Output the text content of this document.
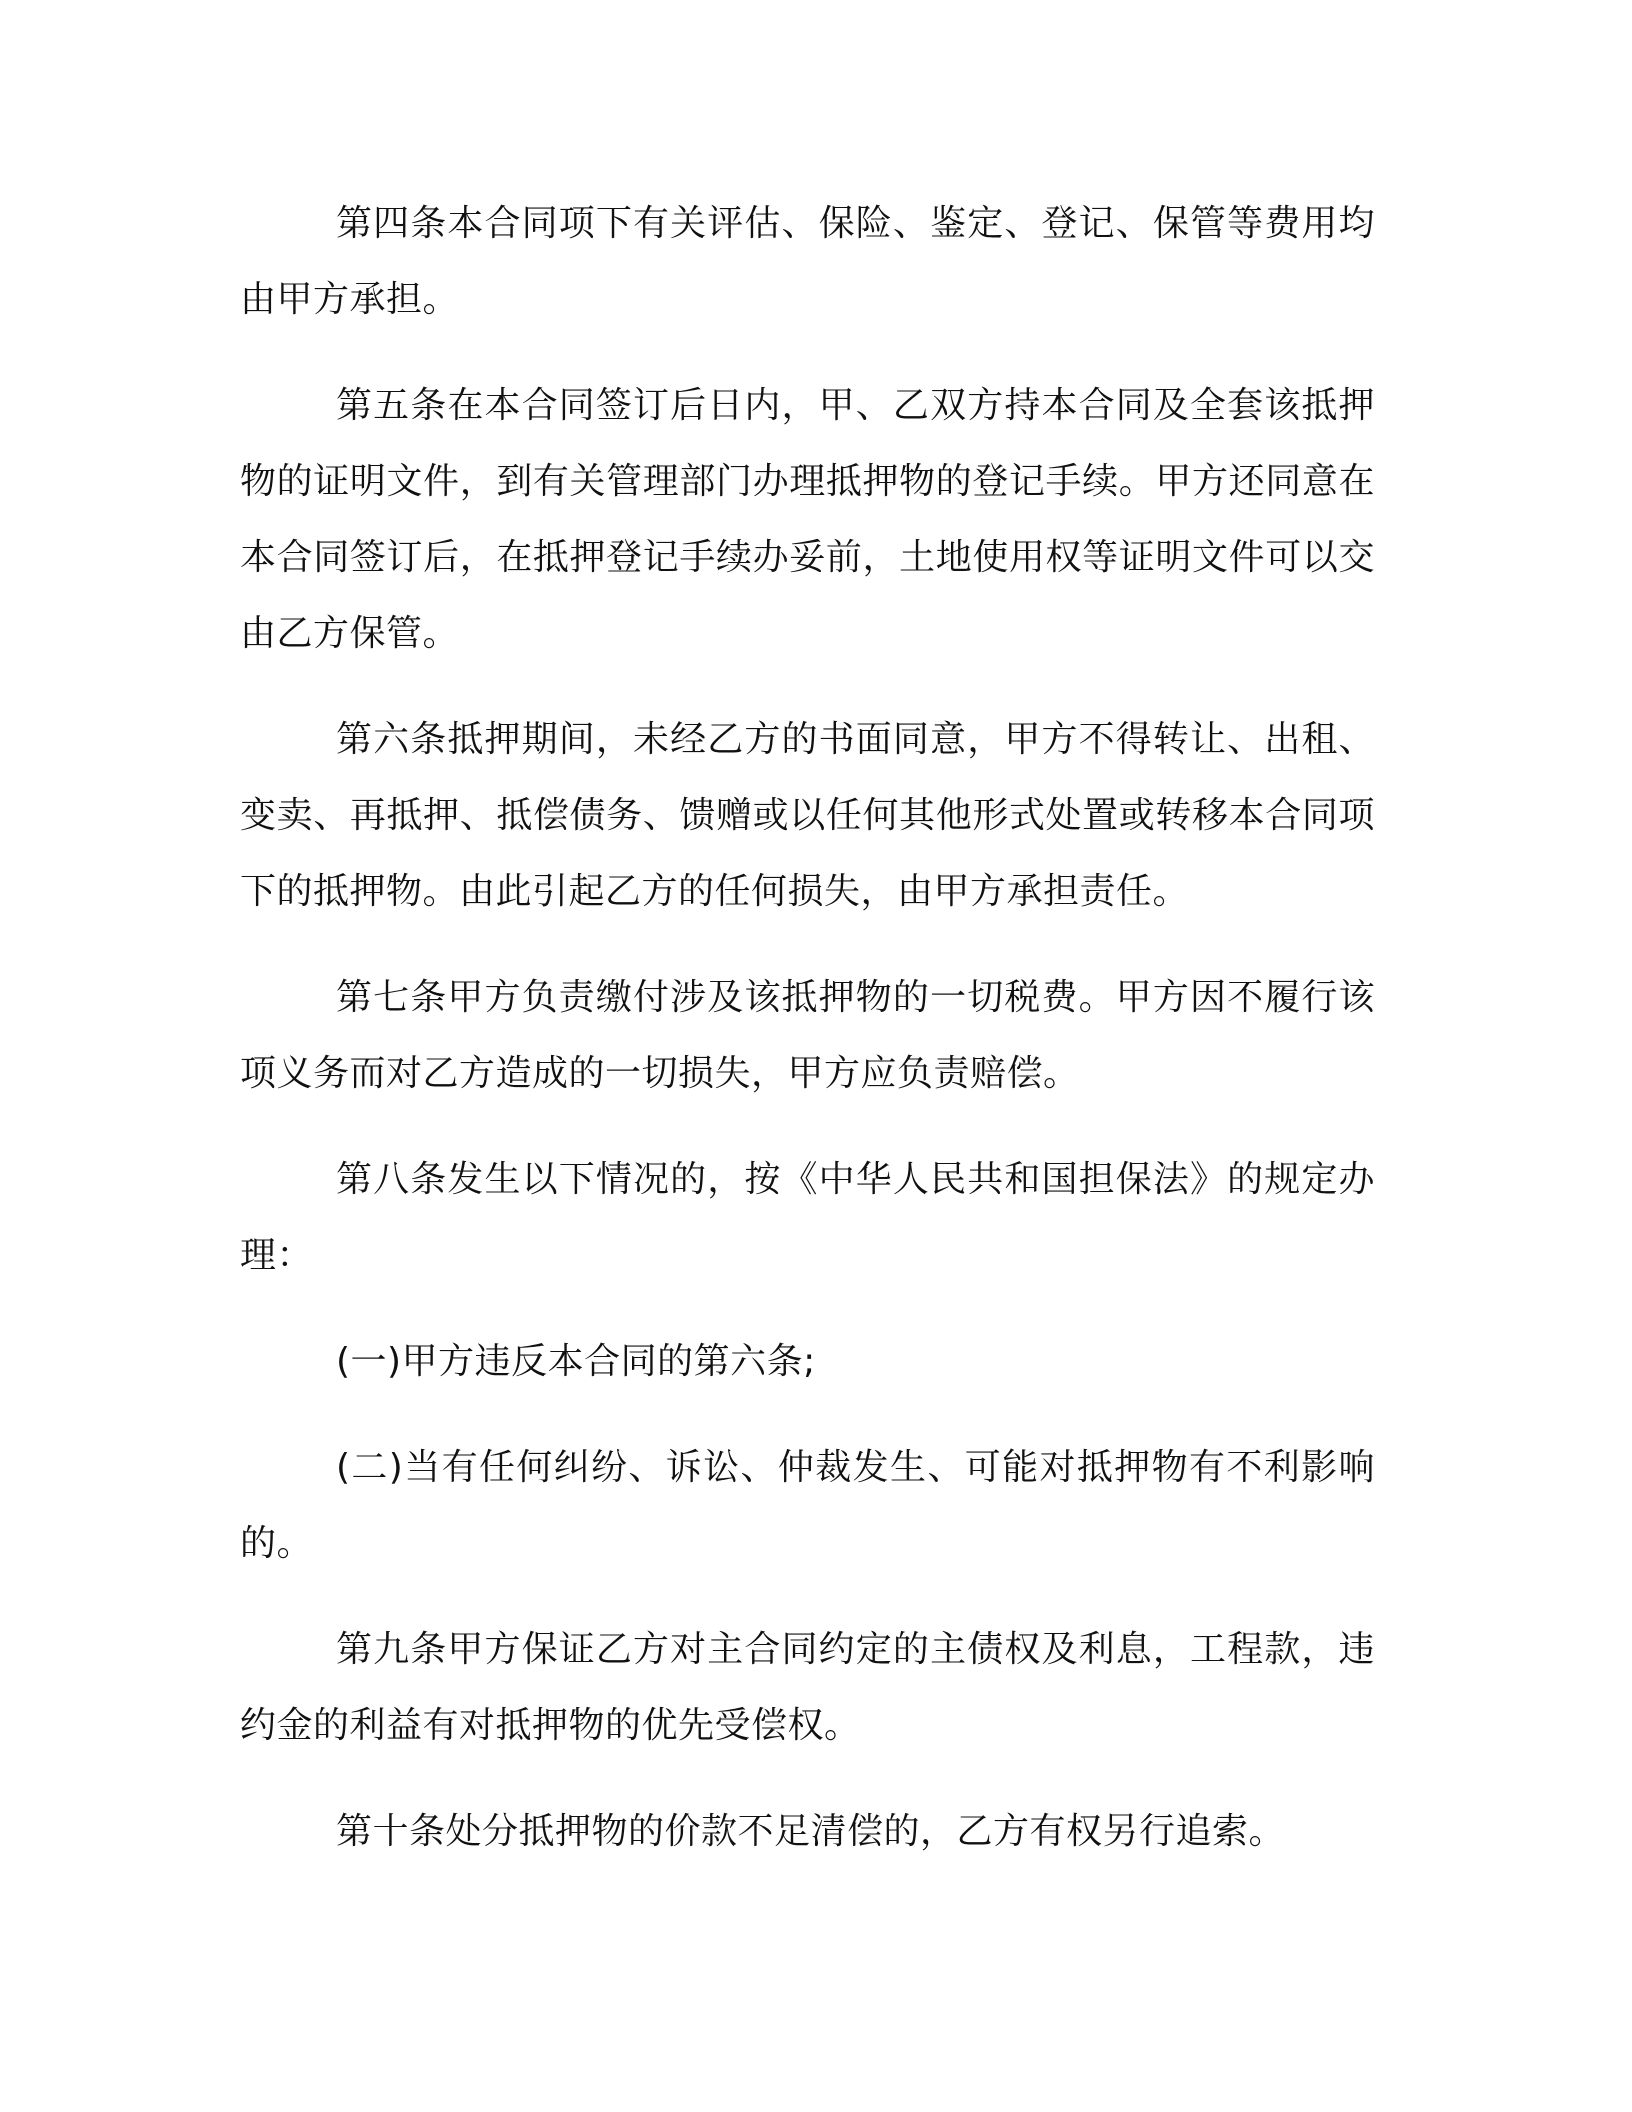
第四条本合同项下有关评估、保险、鉴定、登记、保管等费用均由甲方承担。

第五条在本合同签订后日内，甲、乙双方持本合同及全套该抵押物的证明文件，到有关管理部门办理抵押物的登记手续。甲方还同意在本合同签订后，在抵押登记手续办妥前，土地使用权等证明文件可以交由乙方保管。

第六条抵押期间，未经乙方的书面同意，甲方不得转让、出租、变卖、再抵押、抵偿债务、馈赠或以任何其他形式处置或转移本合同项下的抵押物。由此引起乙方的任何损失，由甲方承担责任。

第七条甲方负责缴付涉及该抵押物的一切税费。甲方因不履行该项义务而对乙方造成的一切损失，甲方应负责赔偿。

第八条发生以下情况的，按《中华人民共和国担保法》的规定办理：

(一)甲方违反本合同的第六条;

(二)当有任何纠纷、诉讼、仲裁发生、可能对抵押物有不利影响的。

第九条甲方保证乙方对主合同约定的主债权及利息，工程款，违约金的利益有对抵押物的优先受偿权。

第十条处分抵押物的价款不足清偿的，乙方有权另行追索。
